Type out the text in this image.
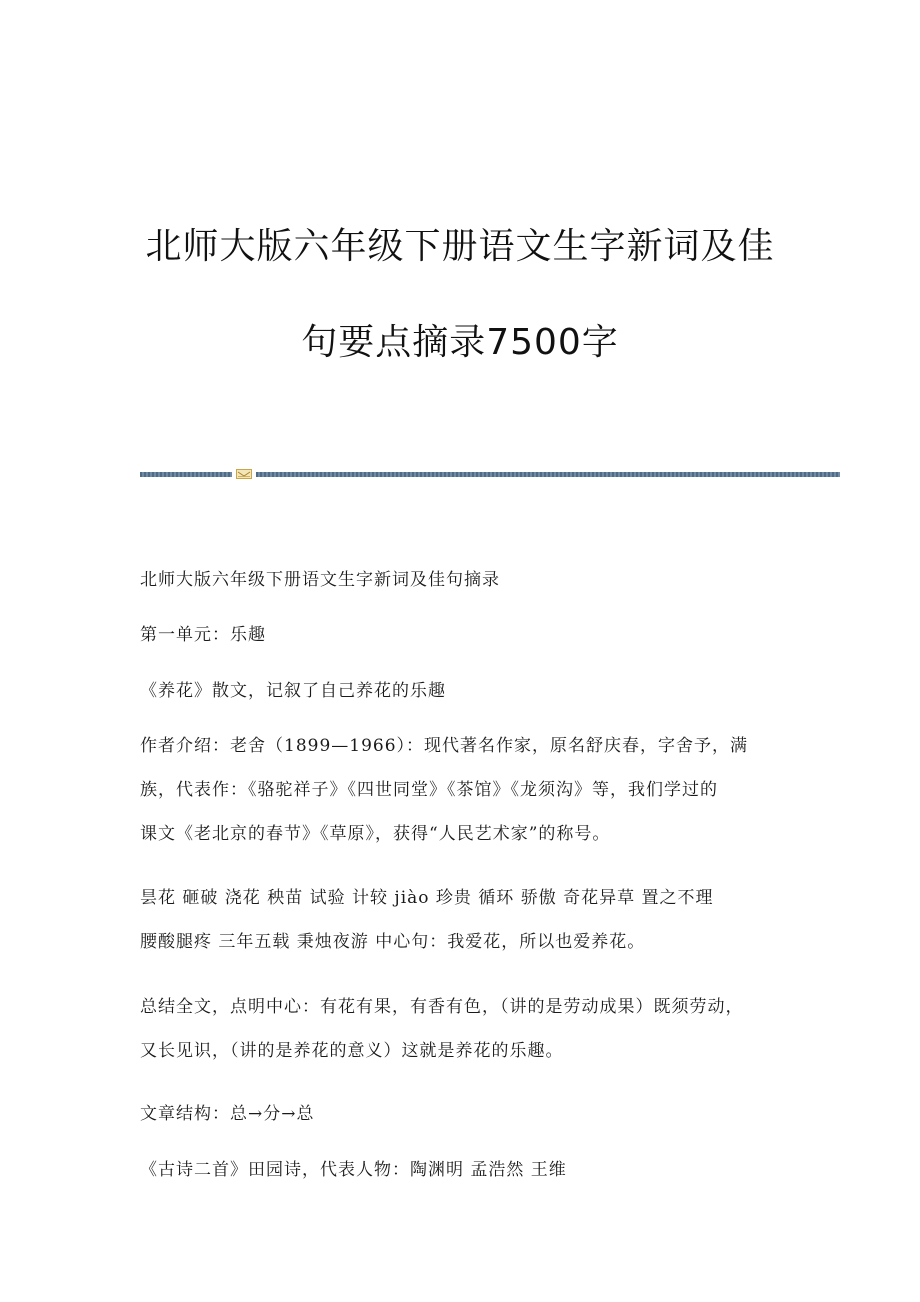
北师大版六年级下册语文生字新词及佳
句要点摘录7500字

北师大版六年级下册语文生字新词及佳句摘录

第一单元：乐趣

《养花》散文，记叙了自己养花的乐趣

作者介绍：老舍（1899—1966）：现代著名作家，原名舒庆春，字舍予，满
族，代表作：《骆驼祥子》《四世同堂》《茶馆》《龙须沟》等，我们学过的
课文《老北京的春节》《草原》，获得“人民艺术家”的称号。

昙花 砸破 浇花 秧苗 试验 计较 jiào 珍贵 循环 骄傲 奇花异草 置之不理
腰酸腿疼 三年五载 秉烛夜游 中心句：我爱花，所以也爱养花。

总结全文，点明中心：有花有果，有香有色，（讲的是劳动成果）既须劳动，
又长见识，（讲的是养花的意义）这就是养花的乐趣。

文章结构：总→分→总

《古诗二首》田园诗，代表人物：陶渊明 孟浩然 王维
